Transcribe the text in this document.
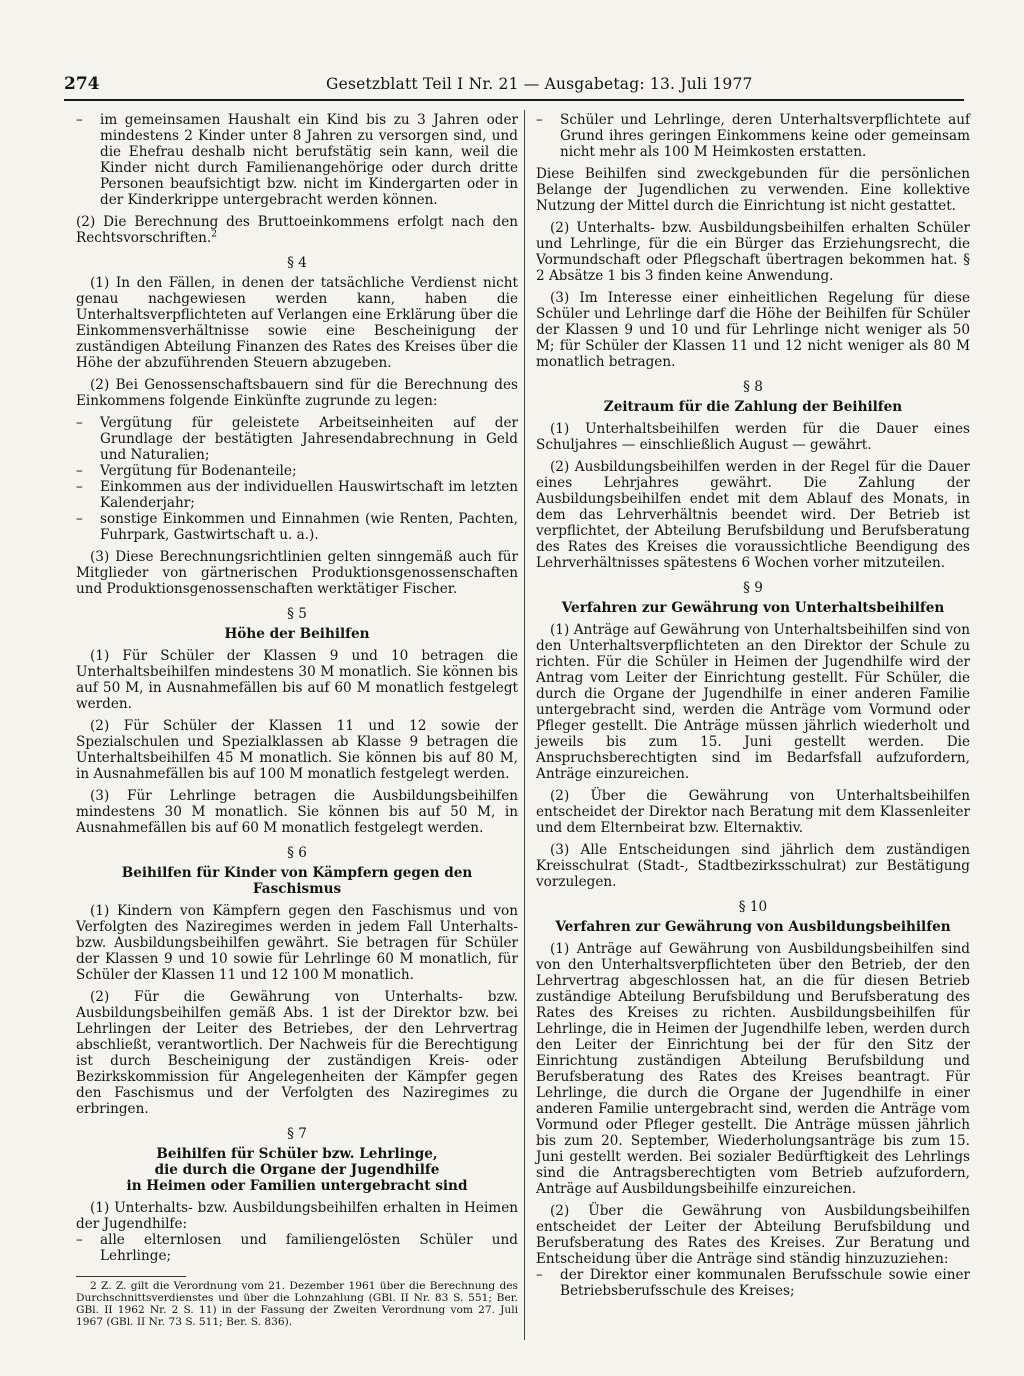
274	Gesetzblatt Teil I Nr. 21 — Ausgabetag: 13. Juli 1977
–	im gemeinsamen Haushalt ein Kind bis zu 3 Jahren oder mindestens 2 Kinder unter 8 Jahren zu versorgen sind, und die Ehefrau deshalb nicht berufstätig sein kann, weil die Kinder nicht durch Familienangehörige oder durch dritte Personen beaufsichtigt bzw. nicht im Kindergarten oder in der Kinderkrippe untergebracht werden können.

(2) Die Berechnung des Bruttoeinkommens erfolgt nach den Rechtsvorschriften.$^2$

§ 4

(1) In den Fällen, in denen der tatsächliche Verdienst nicht genau nachgewiesen werden kann, haben die Unterhaltsverpflichteten auf Verlangen eine Erklärung über die Einkommensverhältnisse sowie eine Bescheinigung der zuständigen Abteilung Finanzen des Rates des Kreises über die Höhe der abzuführenden Steuern abzugeben.

(2) Bei Genossenschaftsbauern sind für die Berechnung des Einkommens folgende Einkünfte zugrunde zu legen:

–	Vergütung für geleistete Arbeitseinheiten auf der Grundlage der bestätigten Jahresendabrechnung in Geld und Naturalien;
–	Vergütung für Bodenanteile;
–	Einkommen aus der individuellen Hauswirtschaft im letzten Kalenderjahr;
–	sonstige Einkommen und Einnahmen (wie Renten, Pachten, Fuhrpark, Gastwirtschaft u. a.).

(3) Diese Berechnungsrichtlinien gelten sinngemäß auch für Mitglieder von gärtnerischen Produktionsgenossenschaften und Produktionsgenossenschaften werktätiger Fischer.

§ 5
Höhe der Beihilfen

(1) Für Schüler der Klassen 9 und 10 betragen die Unterhaltsbeihilfen mindestens 30 M monatlich. Sie können bis auf 50 M, in Ausnahmefällen bis auf 60 M monatlich festgelegt werden.

(2) Für Schüler der Klassen 11 und 12 sowie der Spezialschulen und Spezialklassen ab Klasse 9 betragen die Unterhaltsbeihilfen 45 M monatlich. Sie können bis auf 80 M, in Ausnahmefällen bis auf 100 M monatlich festgelegt werden.

(3) Für Lehrlinge betragen die Ausbildungsbeihilfen mindestens 30 M monatlich. Sie können bis auf 50 M, in Ausnahmefällen bis auf 60 M monatlich festgelegt werden.

§ 6
Beihilfen für Kinder von Kämpfern gegen den Faschismus

(1) Kindern von Kämpfern gegen den Faschismus und von Verfolgten des Naziregimes werden in jedem Fall Unterhalts- bzw. Ausbildungsbeihilfen gewährt. Sie betragen für Schüler der Klassen 9 und 10 sowie für Lehrlinge 60 M monatlich, für Schüler der Klassen 11 und 12 100 M monatlich.

(2) Für die Gewährung von Unterhalts- bzw. Ausbildungsbeihilfen gemäß Abs. 1 ist der Direktor bzw. bei Lehrlingen der Leiter des Betriebes, der den Lehrvertrag abschließt, verantwortlich. Der Nachweis für die Berechtigung ist durch Bescheinigung der zuständigen Kreis- oder Bezirkskommission für Angelegenheiten der Kämpfer gegen den Faschismus und der Verfolgten des Naziregimes zu erbringen.

§ 7
Beihilfen für Schüler bzw. Lehrlinge,
die durch die Organe der Jugendhilfe
in Heimen oder Familien untergebracht sind

(1) Unterhalts- bzw. Ausbildungsbeihilfen erhalten in Heimen der Jugendhilfe:

–	alle elternlosen und familiengelösten Schüler und Lehrlinge;

2 Z. Z. gilt die Verordnung vom 21. Dezember 1961 über die Berechnung des Durchschnittsverdienstes und über die Lohnzahlung (GBl. II Nr. 83 S. 551; Ber. GBl. II 1962 Nr. 2 S. 11) in der Fassung der Zweiten Verordnung vom 27. Juli 1967 (GBl. II Nr. 73 S. 511; Ber. S. 836).

–	Schüler und Lehrlinge, deren Unterhaltsverpflichtete auf Grund ihres geringen Einkommens keine oder gemeinsam nicht mehr als 100 M Heimkosten erstatten.

Diese Beihilfen sind zweckgebunden für die persönlichen Belange der Jugendlichen zu verwenden. Eine kollektive Nutzung der Mittel durch die Einrichtung ist nicht gestattet.

(2) Unterhalts- bzw. Ausbildungsbeihilfen erhalten Schüler und Lehrlinge, für die ein Bürger das Erziehungsrecht, die Vormundschaft oder Pflegschaft übertragen bekommen hat. § 2 Absätze 1 bis 3 finden keine Anwendung.

(3) Im Interesse einer einheitlichen Regelung für diese Schüler und Lehrlinge darf die Höhe der Beihilfen für Schüler der Klassen 9 und 10 und für Lehrlinge nicht weniger als 50 M; für Schüler der Klassen 11 und 12 nicht weniger als 80 M monatlich betragen.

§ 8
Zeitraum für die Zahlung der Beihilfen

(1) Unterhaltsbeihilfen werden für die Dauer eines Schuljahres — einschließlich August — gewährt.

(2) Ausbildungsbeihilfen werden in der Regel für die Dauer eines Lehrjahres gewährt. Die Zahlung der Ausbildungsbeihilfen endet mit dem Ablauf des Monats, in dem das Lehrverhältnis beendet wird. Der Betrieb ist verpflichtet, der Abteilung Berufsbildung und Berufsberatung des Rates des Kreises die voraussichtliche Beendigung des Lehrverhältnisses spätestens 6 Wochen vorher mitzuteilen.

§ 9
Verfahren zur Gewährung von Unterhaltsbeihilfen

(1) Anträge auf Gewährung von Unterhaltsbeihilfen sind von den Unterhaltsverpflichteten an den Direktor der Schule zu richten. Für die Schüler in Heimen der Jugendhilfe wird der Antrag vom Leiter der Einrichtung gestellt. Für Schüler, die durch die Organe der Jugendhilfe in einer anderen Familie untergebracht sind, werden die Anträge vom Vormund oder Pfleger gestellt. Die Anträge müssen jährlich wiederholt und jeweils bis zum 15. Juni gestellt werden. Die Anspruchsberechtigten sind im Bedarfsfall aufzufordern, Anträge einzureichen.

(2) Über die Gewährung von Unterhaltsbeihilfen entscheidet der Direktor nach Beratung mit dem Klassenleiter und dem Elternbeirat bzw. Elternaktiv.

(3) Alle Entscheidungen sind jährlich dem zuständigen Kreisschulrat (Stadt-, Stadtbezirksschulrat) zur Bestätigung vorzulegen.

§ 10
Verfahren zur Gewährung von Ausbildungsbeihilfen

(1) Anträge auf Gewährung von Ausbildungsbeihilfen sind von den Unterhaltsverpflichteten über den Betrieb, der den Lehrvertrag abgeschlossen hat, an die für diesen Betrieb zuständige Abteilung Berufsbildung und Berufsberatung des Rates des Kreises zu richten. Ausbildungsbeihilfen für Lehrlinge, die in Heimen der Jugendhilfe leben, werden durch den Leiter der Einrichtung bei der für den Sitz der Einrichtung zuständigen Abteilung Berufsbildung und Berufsberatung des Rates des Kreises beantragt. Für Lehrlinge, die durch die Organe der Jugendhilfe in einer anderen Familie untergebracht sind, werden die Anträge vom Vormund oder Pfleger gestellt. Die Anträge müssen jährlich bis zum 20. September, Wiederholungsanträge bis zum 15. Juni gestellt werden. Bei sozialer Bedürftigkeit des Lehrlings sind die Antragsberechtigten vom Betrieb aufzufordern, Anträge auf Ausbildungsbeihilfe einzureichen.

(2) Über die Gewährung von Ausbildungsbeihilfen entscheidet der Leiter der Abteilung Berufsbildung und Berufsberatung des Rates des Kreises. Zur Beratung und Entscheidung über die Anträge sind ständig hinzuzuziehen:

–	der Direktor einer kommunalen Berufsschule sowie einer Betriebsberufsschule des Kreises;
